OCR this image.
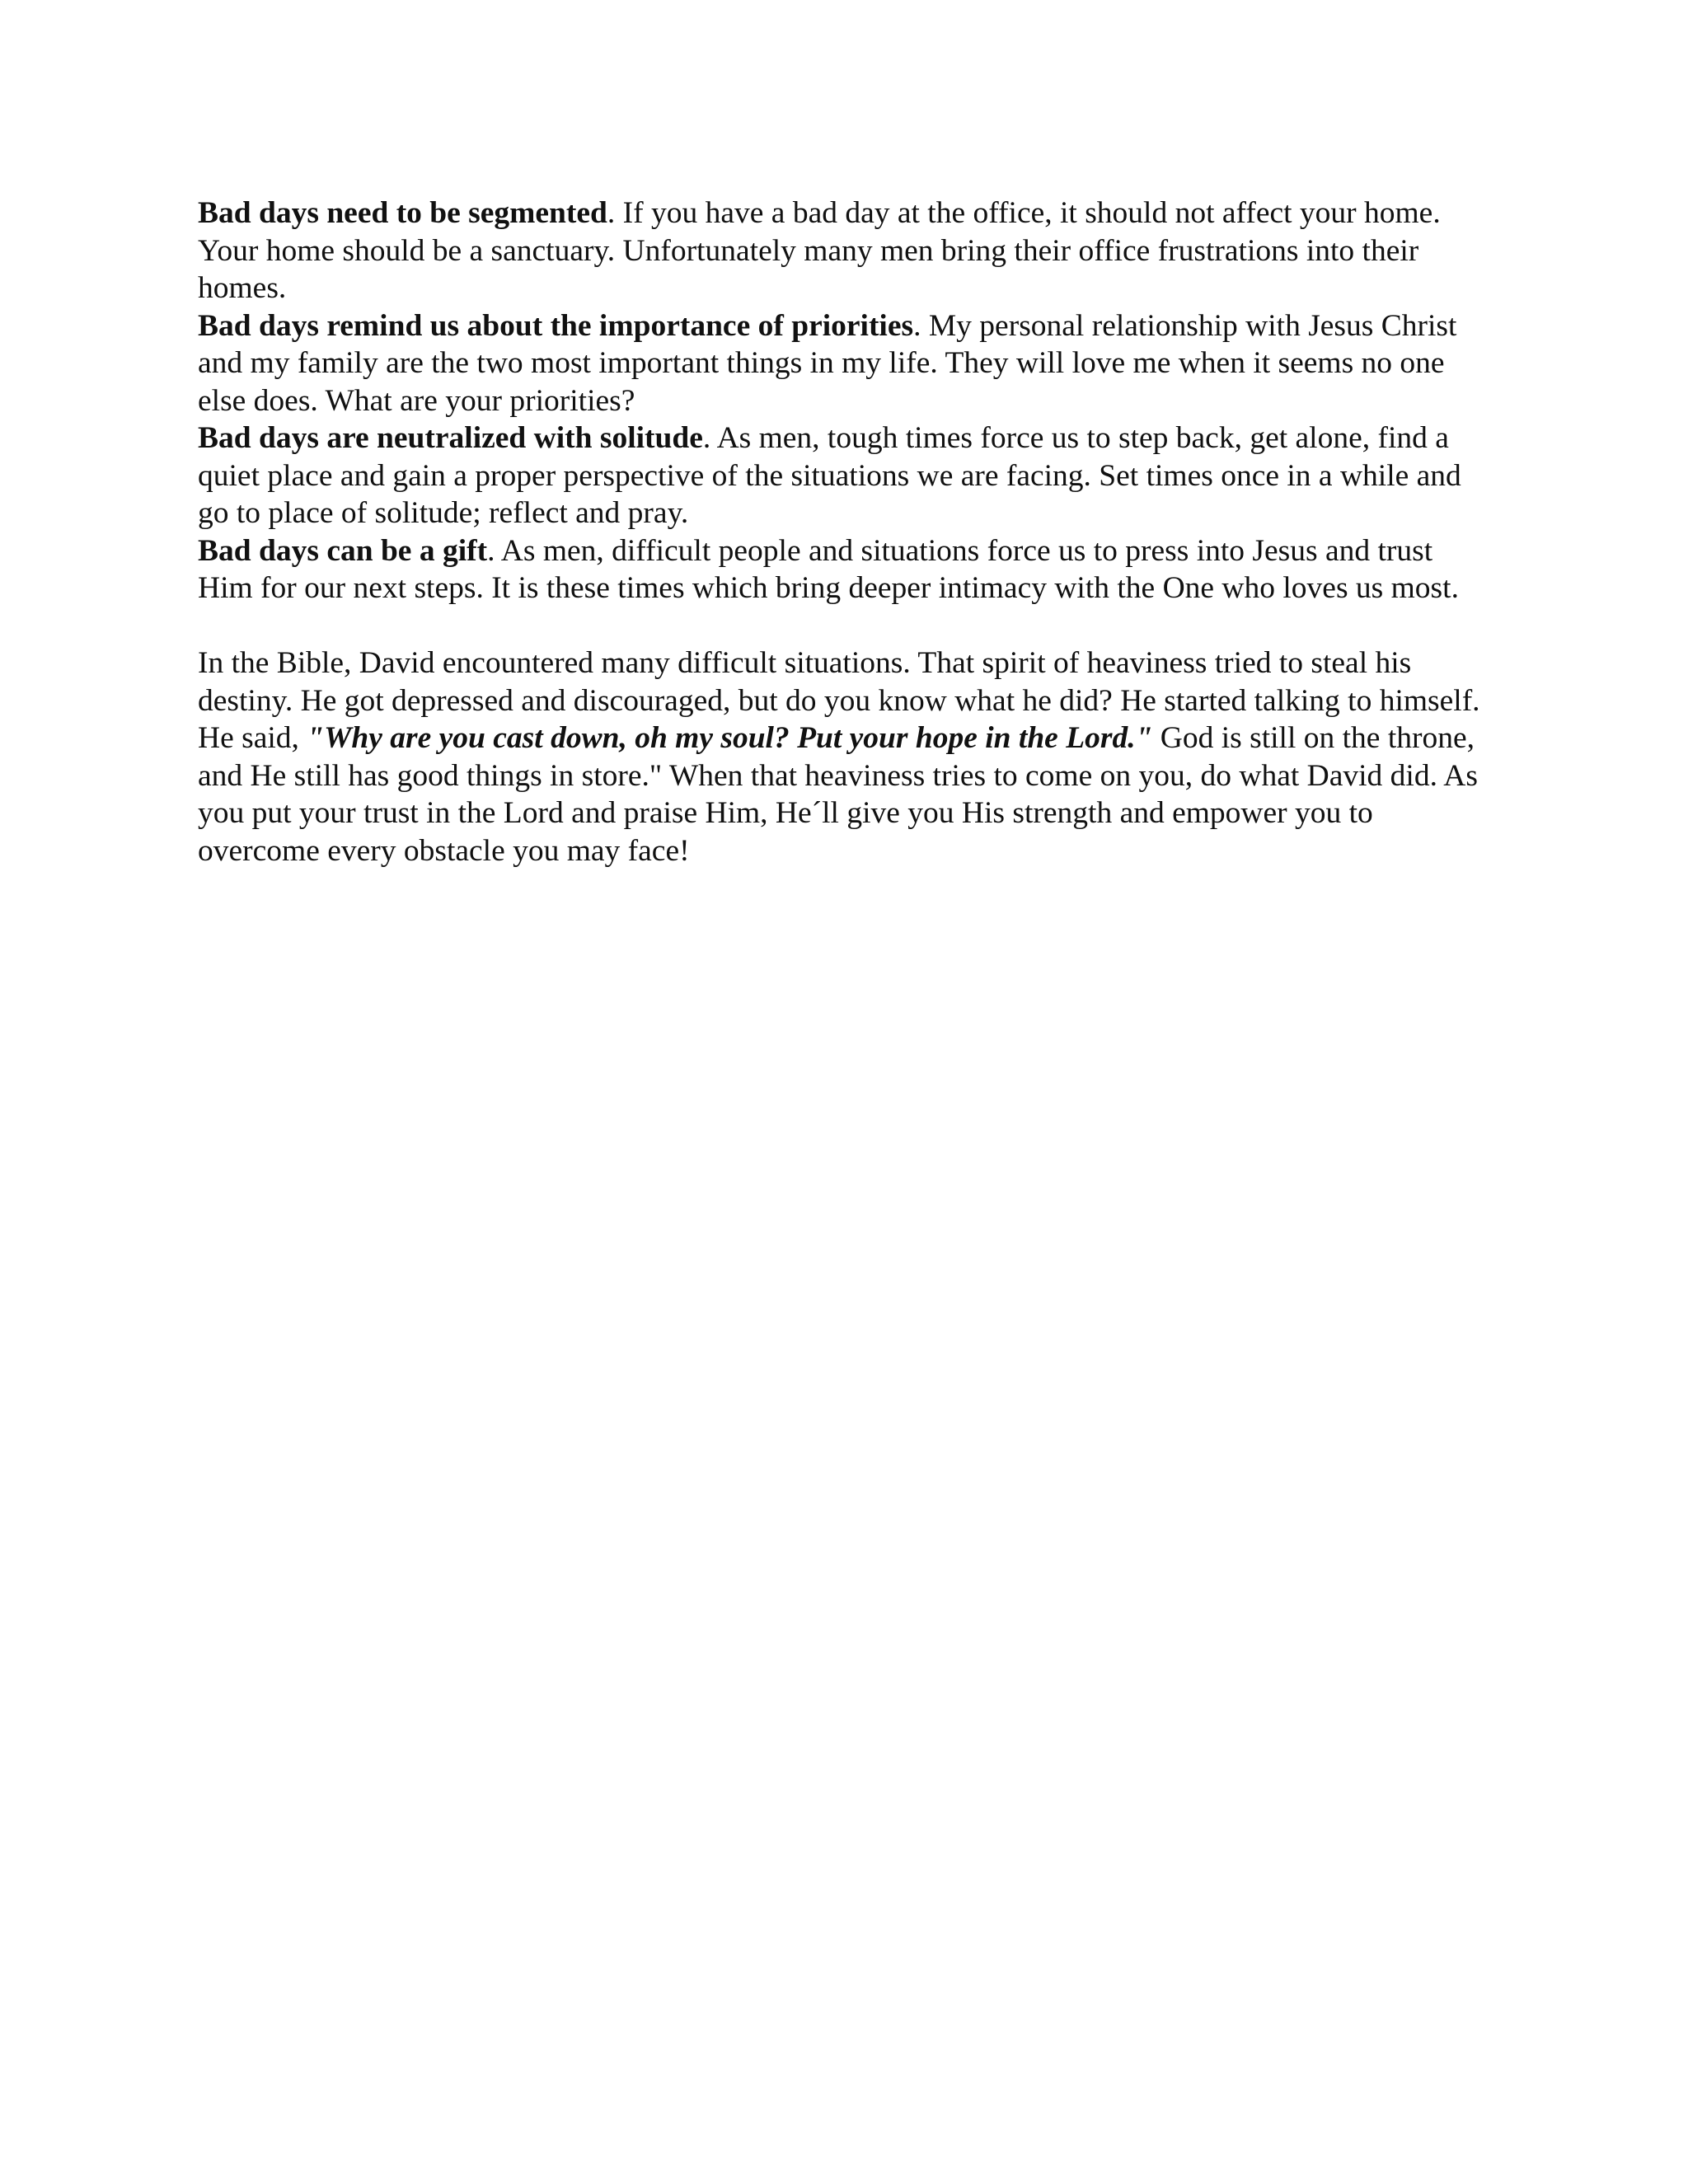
Bad days need to be segmented. If you have a bad day at the office, it should not affect your home. Your home should be a sanctuary. Unfortunately many men bring their office frustrations into their homes.

Bad days remind us about the importance of priorities. My personal relationship with Jesus Christ and my family are the two most important things in my life. They will love me when it seems no one else does. What are your priorities?

Bad days are neutralized with solitude. As men, tough times force us to step back, get alone, find a quiet place and gain a proper perspective of the situations we are facing. Set times once in a while and go to place of solitude; reflect and pray.

Bad days can be a gift. As men, difficult people and situations force us to press into Jesus and trust Him for our next steps. It is these times which bring deeper intimacy with the One who loves us most.

In the Bible, David encountered many difficult situations. That spirit of heaviness tried to steal his destiny. He got depressed and discouraged, but do you know what he did? He started talking to himself. He said, "Why are you cast down, oh my soul? Put your hope in the Lord." God is still on the throne, and He still has good things in store." When that heaviness tries to come on you, do what David did. As you put your trust in the Lord and praise Him, He´ll give you His strength and empower you to overcome every obstacle you may face!
